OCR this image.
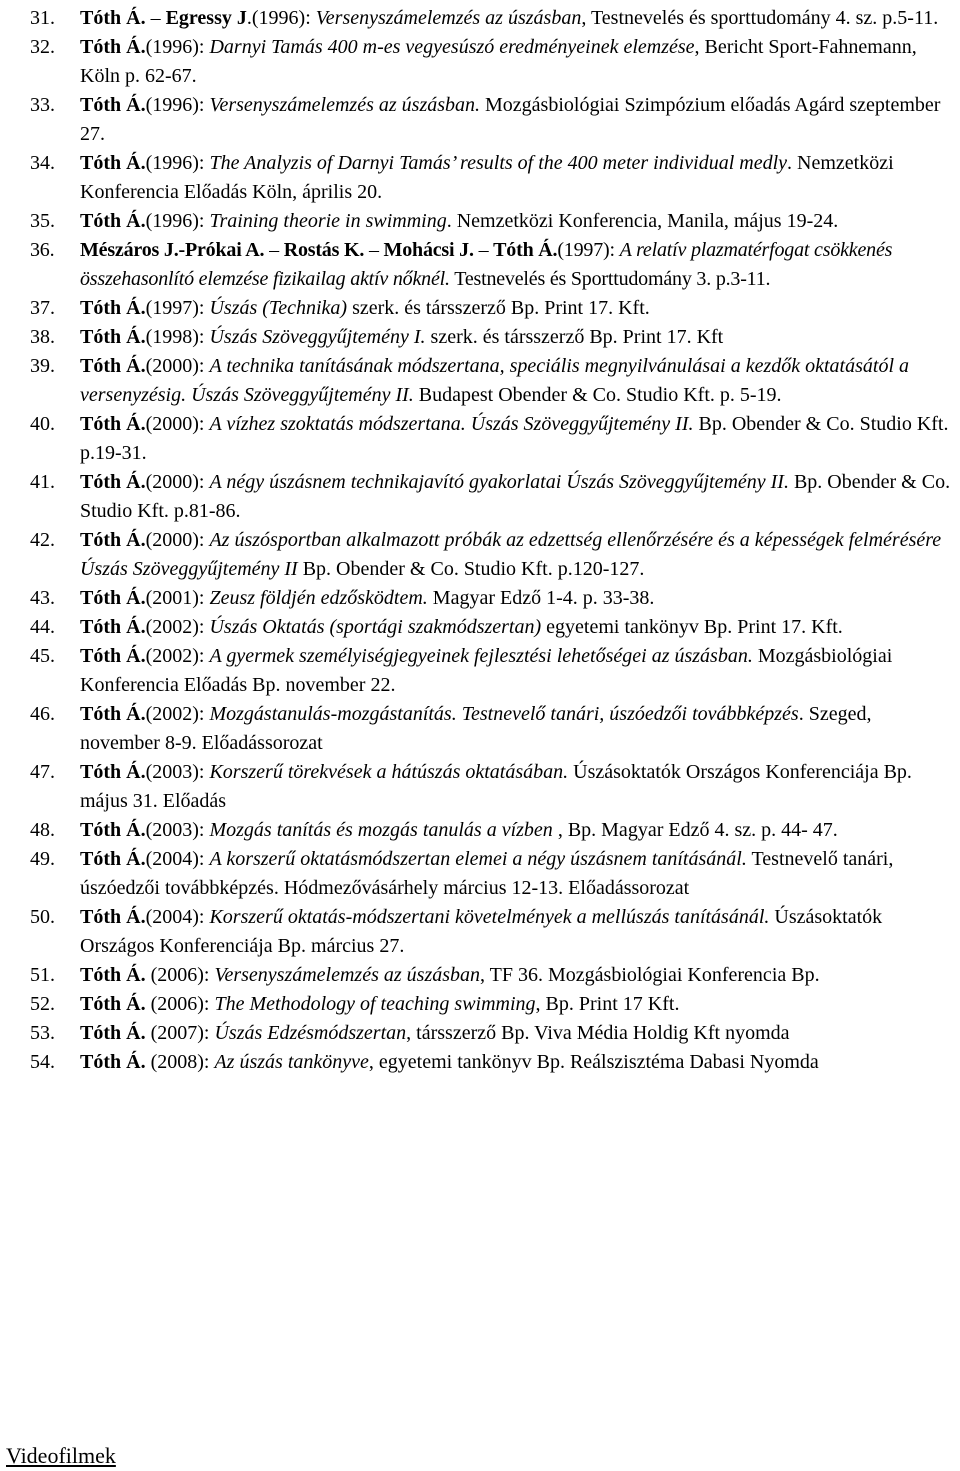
31. Tóth Á. – Egressy J.(1996): Versenyszámelemzés az úszásban, Testnevelés és sporttudomány 4. sz. p.5-11.
32. Tóth Á.(1996): Darnyi Tamás 400 m-es vegyesúszó eredményeinek elemzése, Bericht Sport-Fahnemann, Köln p. 62-67.
33. Tóth Á.(1996): Versenyszámelemzés az úszásban. Mozgásbiológiai Szimpózium előadás Agárd szeptember 27.
34. Tóth Á.(1996): The Analyzis of Darnyi Tamás’ results of the 400 meter individual medly. Nemzetközi Konferencia Előadás Köln, április 20.
35. Tóth Á.(1996): Training theorie in swimming. Nemzetközi Konferencia, Manila, május 19-24.
36. Mészáros J.-Prókai A. – Rostás K. – Mohácsi J. – Tóth Á.(1997): A relatív plazmatérfogat csökkenés összehasonlító elemzése fizikailag aktív nőknél. Testnevelés és Sporttudomány 3. p.3-11.
37. Tóth Á.(1997): Úszás (Technika) szerk. és társszerző Bp. Print 17. Kft.
38. Tóth Á.(1998): Úszás Szöveggyűjtemény I. szerk. és társszerző Bp. Print 17. Kft
39. Tóth Á.(2000): A technika tanításának módszertana, speciális megnyilvánulásai a kezdők oktatásától a versenyzésig. Úszás Szöveggyűjtemény II. Budapest Obender & Co. Studio Kft. p. 5-19.
40. Tóth Á.(2000): A vízhez szoktatás módszertana. Úszás Szöveggyűjtemény II. Bp. Obender & Co. Studio Kft. p.19-31.
41. Tóth Á.(2000): A négy úszásnem technikajavító gyakorlatai Úszás Szöveggyűjtemény II. Bp. Obender & Co. Studio Kft. p.81-86.
42. Tóth Á.(2000): Az úszósportban alkalmazott próbák az edzettség ellenőrzésére és a képességek felmérésére Úszás Szöveggyűjtemény II Bp. Obender & Co. Studio Kft. p.120-127.
43. Tóth Á.(2001): Zeusz földjén edzősködtem. Magyar Edző 1-4. p. 33-38.
44. Tóth Á.(2002): Úszás Oktatás (sportági szakmódszertan) egyetemi tankönyv Bp. Print 17. Kft.
45. Tóth Á.(2002): A gyermek személyiségjegyeinek fejlesztési lehetőségei az úszásban. Mozgásbiológiai Konferencia Előadás Bp. november 22.
46. Tóth Á.(2002): Mozgástanulás-mozgástanítás. Testnevelő tanári, úszóedzői továbbképzés. Szeged, november 8-9. Előadássorozat
47. Tóth Á.(2003): Korszerű törekvések a hátúszás oktatásában. Úszásoktatók Országos Konferenciája Bp. május 31. Előadás
48. Tóth Á.(2003): Mozgás tanítás és mozgás tanulás a vízben , Bp. Magyar Edző 4. sz. p. 44- 47.
49. Tóth Á.(2004): A korszerű oktatásmódszertan elemei a négy úszásnem tanításánál. Testnevelő tanári, úszóedzői továbbképzés. Hódmezővásárhely március 12-13. Előadássorozat
50. Tóth Á.(2004): Korszerű oktatás-módszertani követelmények a mellúszás tanításánál. Úszásoktatók Országos Konferenciája Bp. március 27.
51. Tóth Á. (2006): Versenyszámelemzés az úszásban, TF 36. Mozgásbiológiai Konferencia Bp.
52. Tóth Á. (2006): The Methodology of teaching swimming, Bp. Print 17 Kft.
53. Tóth Á. (2007): Úszás Edzésmódszertan, társszerző Bp. Viva Média Holdig Kft nyomda
54. Tóth Á. (2008): Az úszás tankönyve, egyetemi tankönyv Bp. Reálszisztéma Dabasi Nyomda
Videofilmek
